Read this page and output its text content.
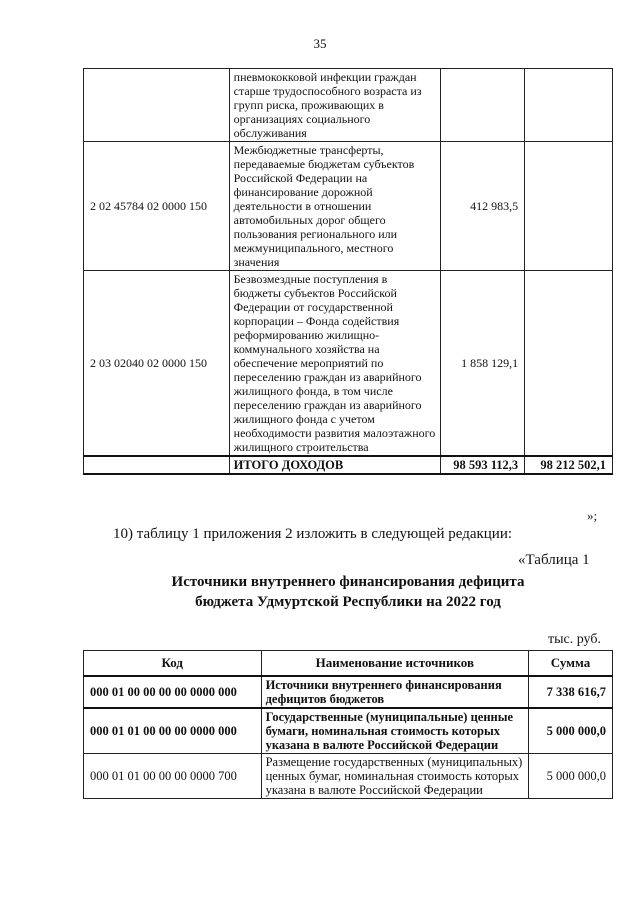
35
	пневмококковой инфекции граждан старше трудоспособного возраста из групп риска, проживающих в организациях социального обслуживания		
2 02 45784 02 0000 150	Межбюджетные трансферты, передаваемые бюджетам субъектов Российской Федерации на финансирование дорожной деятельности в отношении автомобильных дорог общего пользования регионального или межмуниципального, местного значения	412 983,5	
2 03 02040 02 0000 150	Безвозмездные поступления в бюджеты субъектов Российской Федерации от государственной корпорации – Фонда содействия реформированию жилищно-коммунального хозяйства на обеспечение мероприятий по переселению граждан из аварийного жилищного фонда, в том числе переселению граждан из аварийного жилищного фонда с учетом необходимости развития малоэтажного жилищного строительства	1 858 129,1	
	ИТОГО ДОХОДОВ	98 593 112,3	98 212 502,1
»;
10) таблицу 1 приложения 2 изложить в следующей редакции:
«Таблица 1
Источники внутреннего финансирования дефицита
бюджета Удмуртской Республики на 2022 год
тыс. руб.
Код	Наименование источников	Сумма
000 01 00 00 00 00 0000 000	Источники внутреннего финансирования дефицитов бюджетов	7 338 616,7
000 01 01 00 00 00 0000 000	Государственные (муниципальные) ценные бумаги, номинальная стоимость которых указана в валюте Российской Федерации	5 000 000,0
000 01 01 00 00 00 0000 700	Размещение государственных (муниципальных) ценных бумаг, номинальная стоимость которых указана в валюте Российской Федерации	5 000 000,0
